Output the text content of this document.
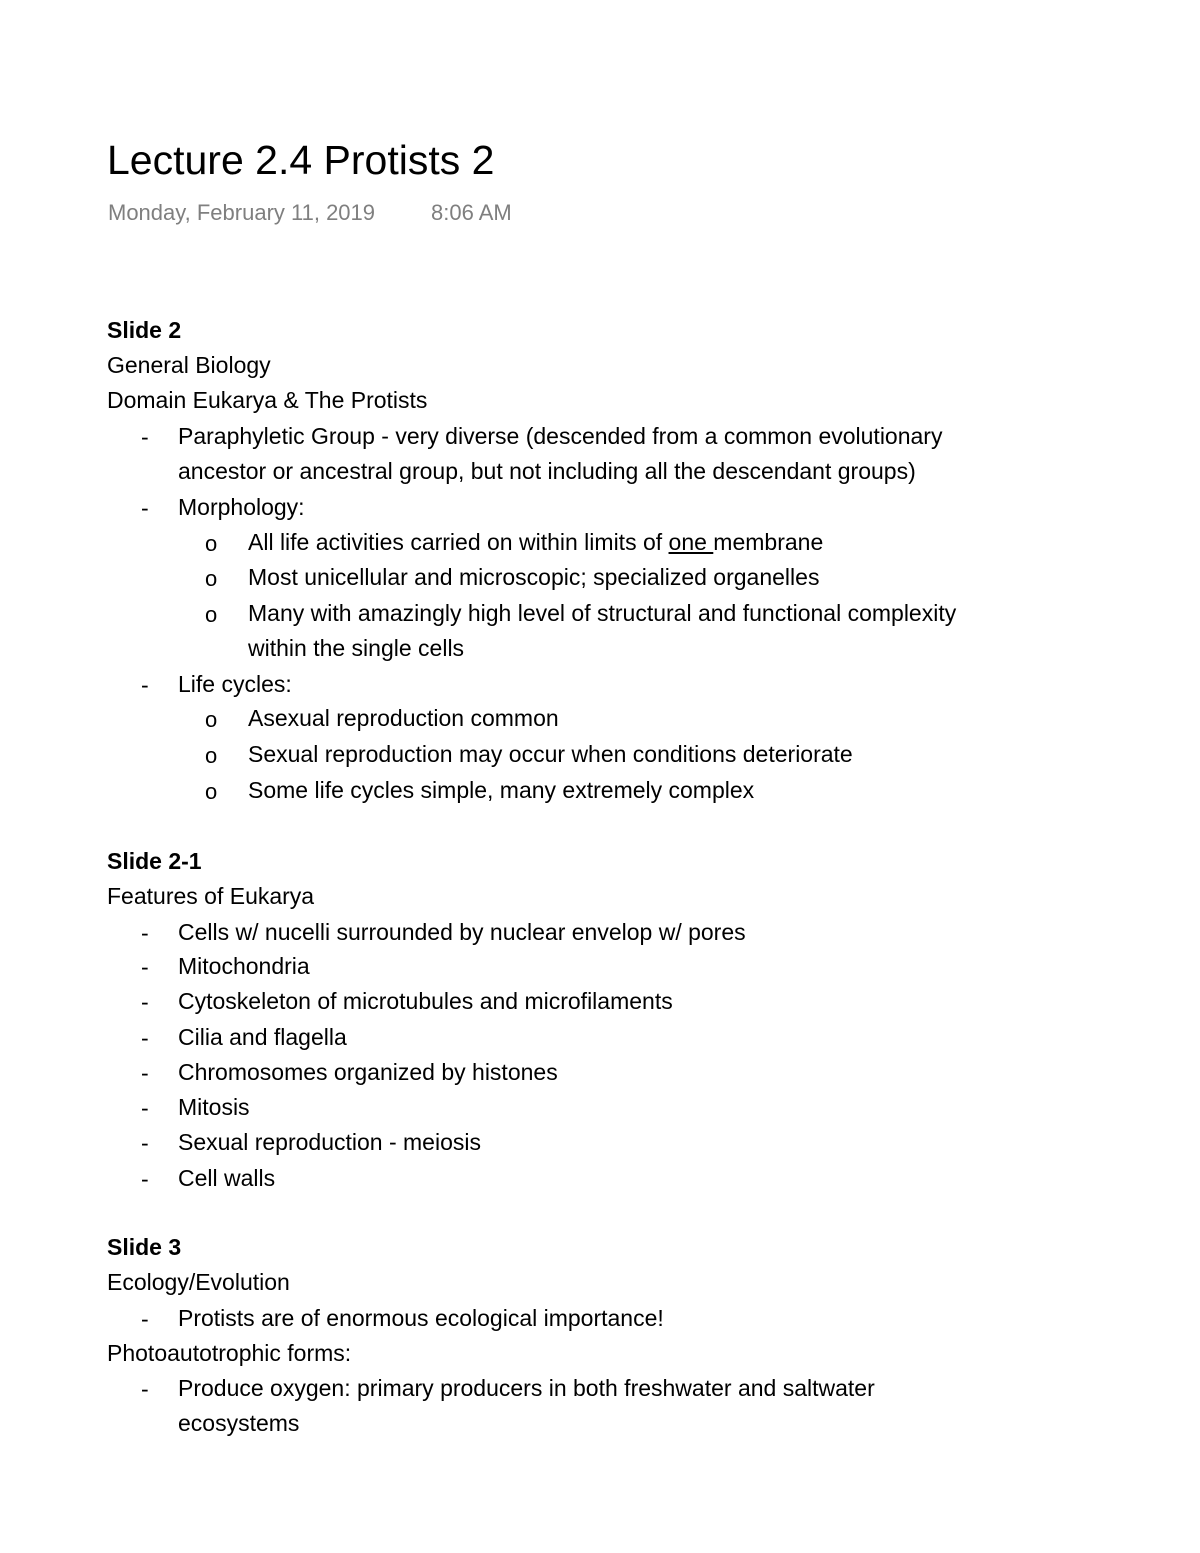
Lecture 2.4 Protists 2
Monday, February 11, 2019	8:06 AM
Slide 2
General Biology
Domain Eukarya & The Protists
- Paraphyletic Group - very diverse (descended from a common evolutionary
ancestor or ancestral group, but not including all the descendant groups)
- Morphology:
o All life activities carried on within limits of one membrane
o Most unicellular and microscopic; specialized organelles
o Many with amazingly high level of structural and functional complexity
within the single cells
- Life cycles:
o Asexual reproduction common
o Sexual reproduction may occur when conditions deteriorate
o Some life cycles simple, many extremely complex
Slide 2-1
Features of Eukarya
- Cells w/ nucelli surrounded by nuclear envelop w/ pores
- Mitochondria
- Cytoskeleton of microtubules and microfilaments
- Cilia and flagella
- Chromosomes organized by histones
- Mitosis
- Sexual reproduction - meiosis
- Cell walls
Slide 3
Ecology/Evolution
- Protists are of enormous ecological importance!
Photoautotrophic forms:
- Produce oxygen: primary producers in both freshwater and saltwater
ecosystems
